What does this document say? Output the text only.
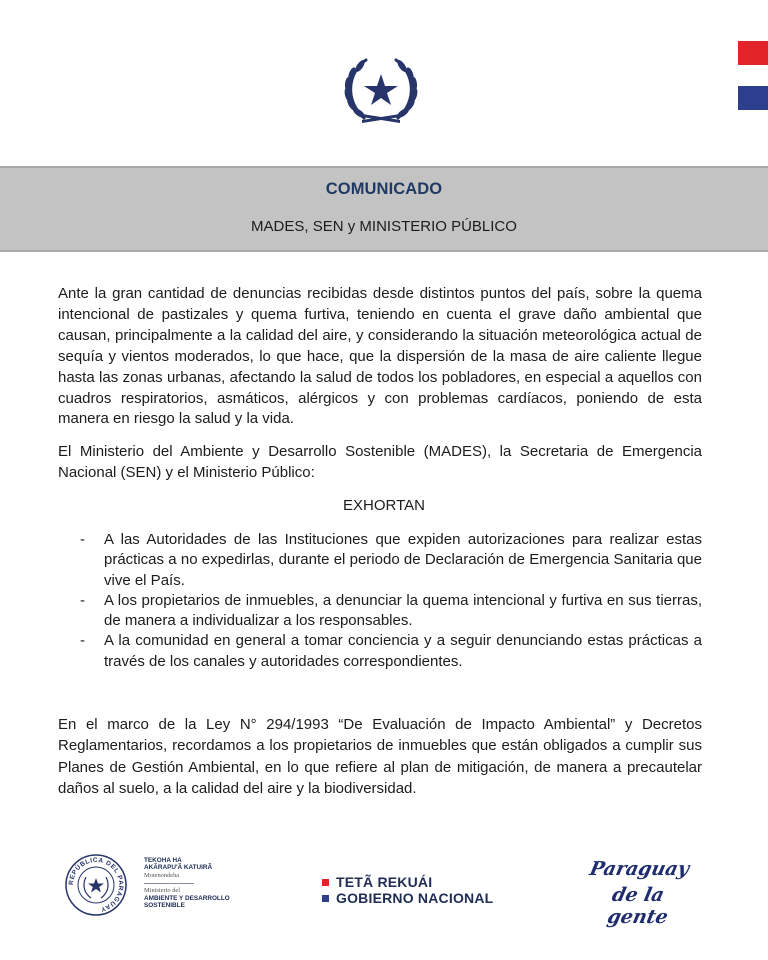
COMUNICADO
MADES, SEN y MINISTERIO PÚBLICO

Ante la gran cantidad de denuncias recibidas desde distintos puntos del país, sobre la quema intencional de pastizales y quema furtiva, teniendo en cuenta el grave daño ambiental que causan, principalmente a la calidad del aire, y considerando la situación meteorológica actual de sequía y vientos moderados, lo que hace, que la dispersión de la masa de aire caliente llegue hasta las zonas urbanas, afectando la salud de todos los pobladores, en especial a aquellos con cuadros respiratorios, asmáticos, alérgicos y con problemas cardíacos, poniendo de esta manera en riesgo la salud y la vida.

El Ministerio del Ambiente y Desarrollo Sostenible (MADES), la Secretaria de Emergencia Nacional (SEN) y el Ministerio Público:

EXHORTAN
- A las Autoridades de las Instituciones que expiden autorizaciones para realizar estas prácticas a no expedirlas, durante el periodo de Declaración de Emergencia Sanitaria que vive el País.
- A los propietarios de inmuebles, a denunciar la quema intencional y furtiva en sus tierras, de manera a individualizar a los responsables.
- A la comunidad en general a tomar conciencia y a seguir denunciando estas prácticas a través de los canales y autoridades correspondientes.

En el marco de la Ley N° 294/1993 “De Evaluación de Impacto Ambiental” y Decretos Reglamentarios, recordamos a los propietarios de inmuebles que están obligados a cumplir sus Planes de Gestión Ambiental, en lo que refiere al plan de mitigación, de manera a precautelar daños al suelo, a la calidad del aire y la biodiversidad.

REPÚBLICA DEL PARAGUAY
TEKOHA HA
AKÃRAPU'Ã KATUIRÃ
Motenondeha
Ministerio del
AMBIENTE Y DESARROLLO
SOSTENIBLE
TETÃ REKUÁI
GOBIERNO NACIONAL
Paraguay
de la gente
